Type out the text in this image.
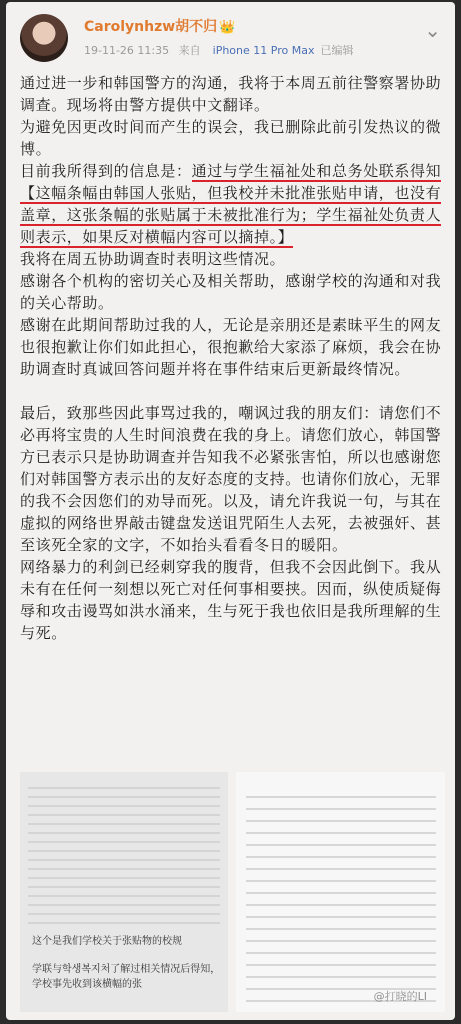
Carolynhzw胡不归 👑
19-11-26 11:35 来自 iPhone 11 Pro Max 已编辑
⌄

通过进一步和韩国警方的沟通，我将于本周五前往警察署协助调查。现场将由警方提供中文翻译。

为避免因更改时间而产生的误会，我已删除此前引发热议的微博。

目前我所得到的信息是：通过与学生福祉处和总务处联系得知【这幅条幅由韩国人张贴，但我校并未批准张贴申请，也没有盖章，这张条幅的张贴属于未被批准行为；学生福祉处负责人则表示，如果反对横幅内容可以摘掉。】

我将在周五协助调查时表明这些情况。

感谢各个机构的密切关心及相关帮助，感谢学校的沟通和对我的关心帮助。

感谢在此期间帮助过我的人，无论是亲朋还是素昧平生的网友

也很抱歉让你们如此担心，很抱歉给大家添了麻烦，我会在协助调查时真诚回答问题并将在事件结束后更新最终情况。

最后，致那些因此事骂过我的，嘲讽过我的朋友们：请您们不必再将宝贵的人生时间浪费在我的身上。请您们放心，韩国警方已表示只是协助调查并告知我不必紧张害怕，所以也感谢您们对韩国警方表示出的友好态度的支持。也请你们放心，无罪的我不会因您们的劝导而死。以及，请允许我说一句，与其在虚拟的网络世界敲击键盘发送诅咒陌生人去死，去被强奸、甚至该死全家的文字，不如抬头看看冬日的暖阳。

网络暴力的利剑已经刺穿我的腹背，但我不会因此倒下。我从未有在任何一刻想以死亡对任何事相要挟。因而，纵使质疑侮辱和攻击谩骂如洪水涌来，生与死于我也依旧是我所理解的生与死。

这个是我们学校关于张贴物的校规
学联与학생복지처了解过相关情况后得知，学校事先收到该横幅的张
@打晓的LI
